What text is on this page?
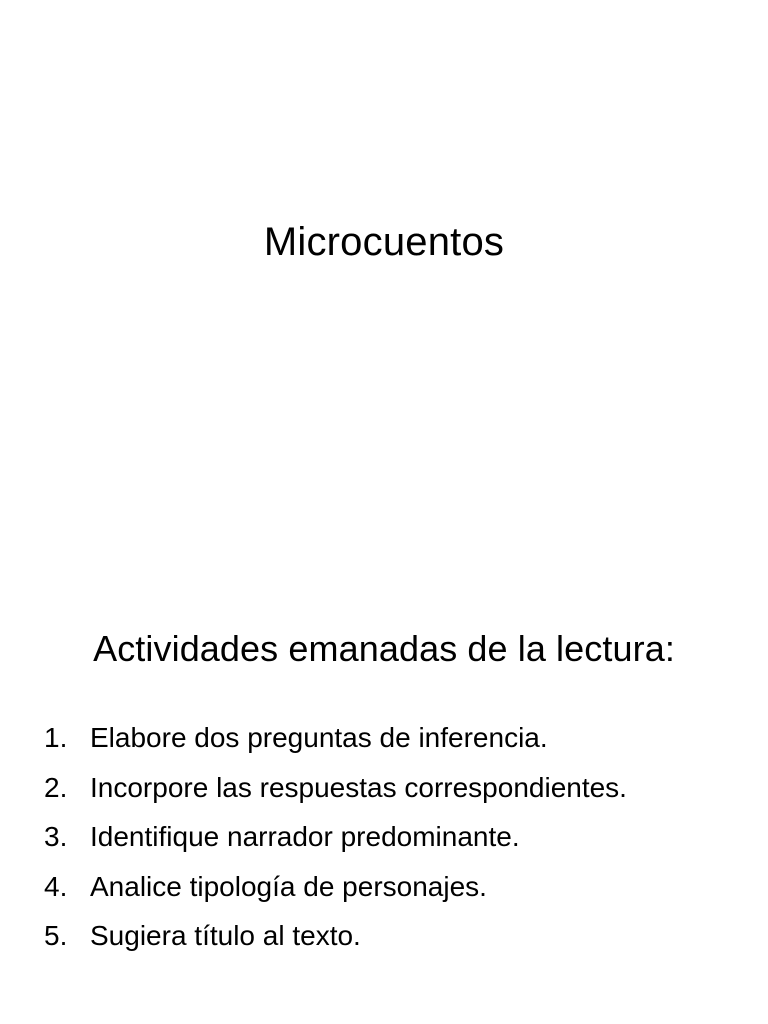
Microcuentos
Actividades emanadas de la lectura:
1. Elabore dos preguntas de inferencia.
2. Incorpore las respuestas correspondientes.
3. Identifique narrador predominante.
4. Analice tipología de personajes.
5. Sugiera título al texto.
